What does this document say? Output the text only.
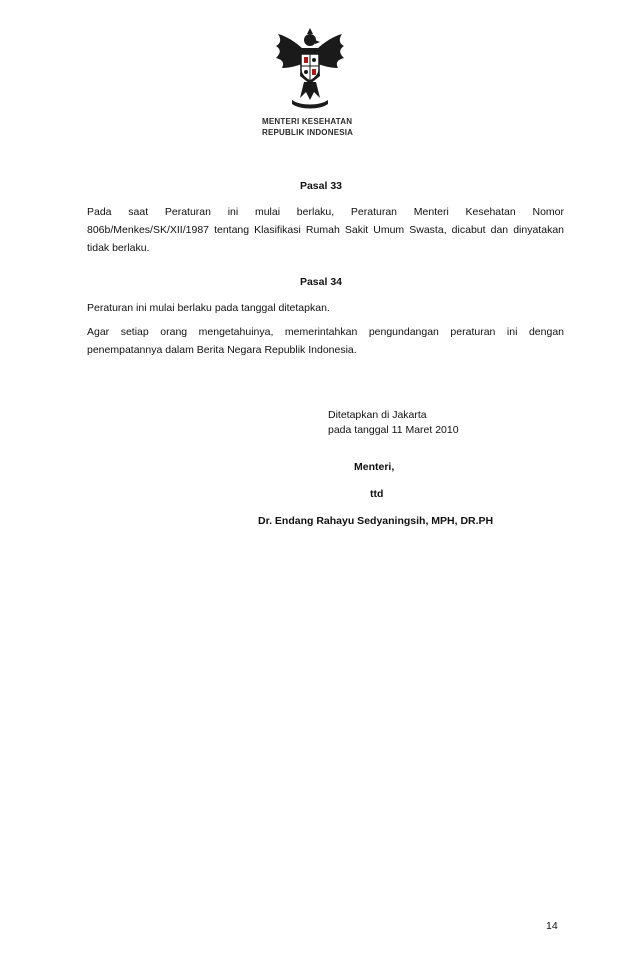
MENTERI KESEHATAN
REPUBLIK INDONESIA
Pasal 33
Pada saat Peraturan ini mulai berlaku, Peraturan Menteri Kesehatan Nomor 806b/Menkes/SK/XII/1987 tentang Klasifikasi Rumah Sakit Umum Swasta, dicabut dan dinyatakan tidak berlaku.
Pasal 34
Peraturan ini mulai berlaku pada tanggal ditetapkan.
Agar setiap orang mengetahuinya, memerintahkan pengundangan peraturan ini dengan penempatannya dalam Berita Negara Republik Indonesia.
Ditetapkan di Jakarta
pada tanggal 11 Maret 2010
Menteri,
ttd
Dr. Endang Rahayu Sedyaningsih, MPH, DR.PH
14
